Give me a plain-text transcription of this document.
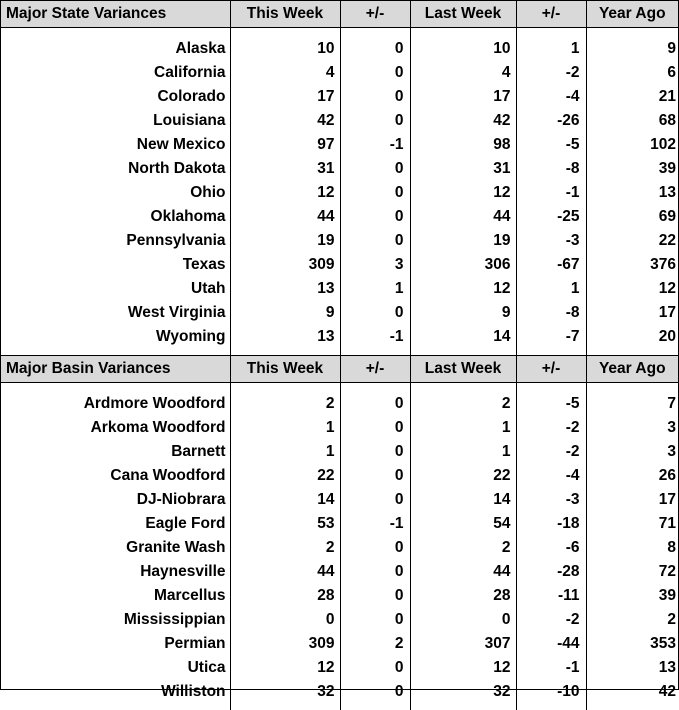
Major State Variances	This Week	+/-	Last Week	+/-	Year Ago

Alaska	10	0	10	1	9
California	4	0	4	-2	6
Colorado	17	0	17	-4	21
Louisiana	42	0	42	-26	68
New Mexico	97	-1	98	-5	102
North Dakota	31	0	31	-8	39
Ohio	12	0	12	-1	13
Oklahoma	44	0	44	-25	69
Pennsylvania	19	0	19	-3	22
Texas	309	3	306	-67	376
Utah	13	1	12	1	12
West Virginia	9	0	9	-8	17
Wyoming	13	-1	14	-7	20

Major Basin Variances	This Week	+/-	Last Week	+/-	Year Ago

Ardmore Woodford	2	0	2	-5	7
Arkoma Woodford	1	0	1	-2	3
Barnett	1	0	1	-2	3
Cana Woodford	22	0	22	-4	26
DJ-Niobrara	14	0	14	-3	17
Eagle Ford	53	-1	54	-18	71
Granite Wash	2	0	2	-6	8
Haynesville	44	0	44	-28	72
Marcellus	28	0	28	-11	39
Mississippian	0	0	0	-2	2
Permian	309	2	307	-44	353
Utica	12	0	12	-1	13
Williston	32	0	32	-10	42
